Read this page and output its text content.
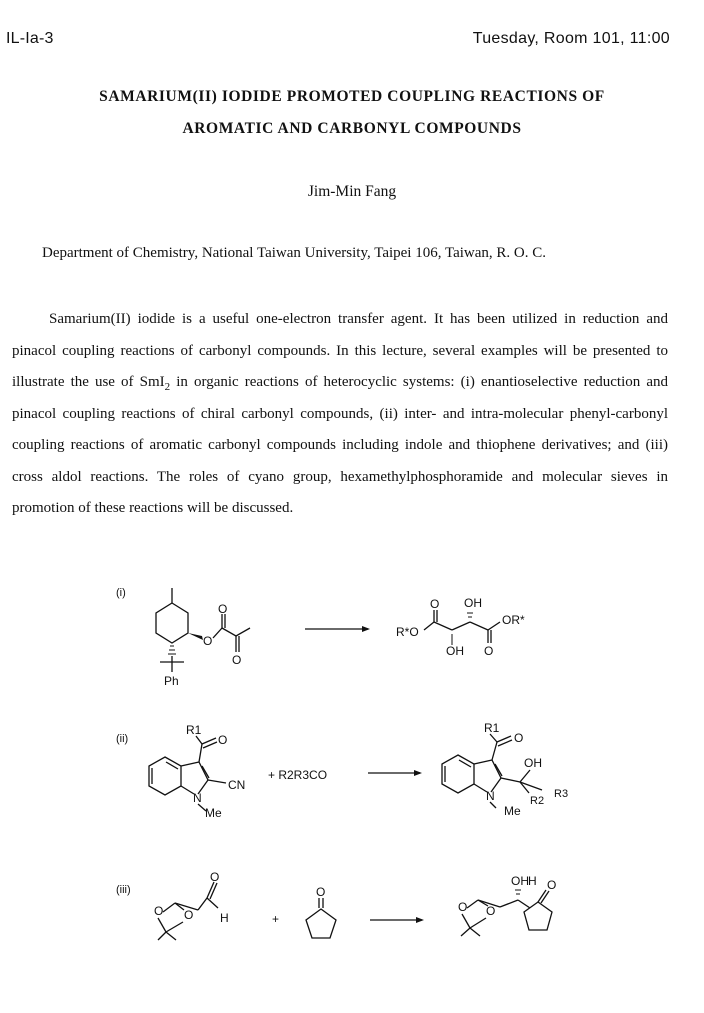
IL-Ia-3	Tuesday, Room 101, 11:00
SAMARIUM(II) IODIDE PROMOTED COUPLING REACTIONS OF
AROMATIC AND CARBONYL COMPOUNDS
Jim-Min Fang
Department of Chemistry, National Taiwan University, Taipei 106, Taiwan, R. O. C.

Samarium(II) iodide is a useful one-electron transfer agent. It has been utilized in reduction and pinacol coupling reactions of carbonyl compounds. In this lecture, several examples will be presented to illustrate the use of SmI$_2$ in organic reactions of heterocyclic systems: (i) enantioselective reduction and pinacol coupling reactions of chiral carbonyl compounds, (ii) inter- and intra-molecular phenyl-carbonyl coupling reactions of aromatic carbonyl compounds including indole and thiophene derivatives; and (iii) cross aldol reactions. The roles of cyano group, hexamethylphosphoramide and molecular sieves in promotion of these reactions will be discussed.

(i)
O
O
O
Ph
R*O
O
OR*
O
OH
OH
(ii)
N
Me
CN
O
R1
+ R2R3CO
N
Me
O
R1
OH
R2
R3
(iii)
O O
O
H	+
O
O O
OH H O
